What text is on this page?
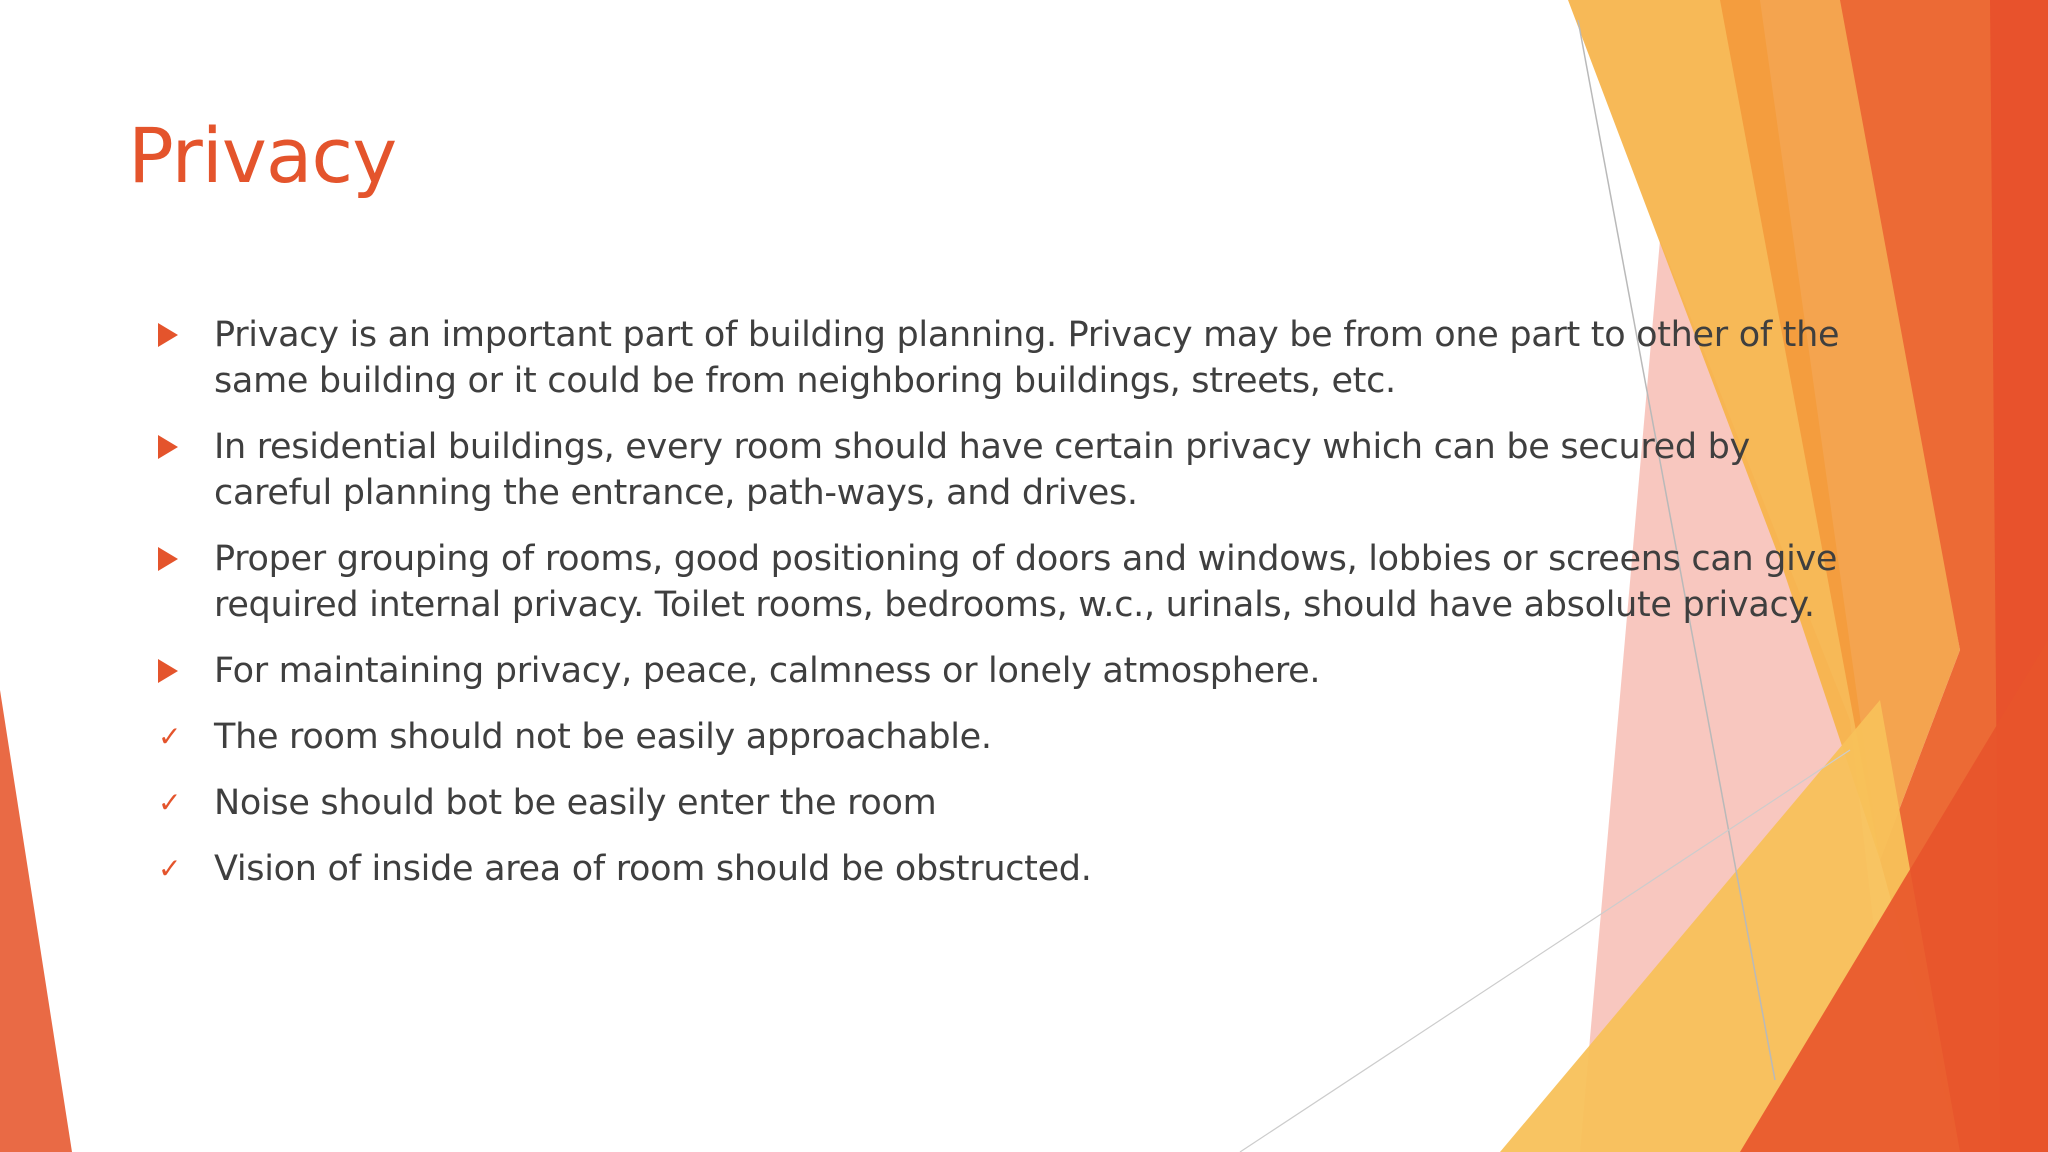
Privacy
Privacy is an important part of building planning. Privacy may be from one part to other of the
same building or it could be from neighboring buildings, streets, etc.
In residential buildings, every room should have certain privacy which can be secured by
careful planning the entrance, path-ways, and drives.
Proper grouping of rooms, good positioning of doors and windows, lobbies or screens can give
required internal privacy. Toilet rooms, bedrooms, w.c., urinals, should have absolute privacy.
For maintaining privacy, peace, calmness or lonely atmosphere.
✓ The room should not be easily approachable.
✓ Noise should bot be easily enter the room
✓ Vision of inside area of room should be obstructed.
